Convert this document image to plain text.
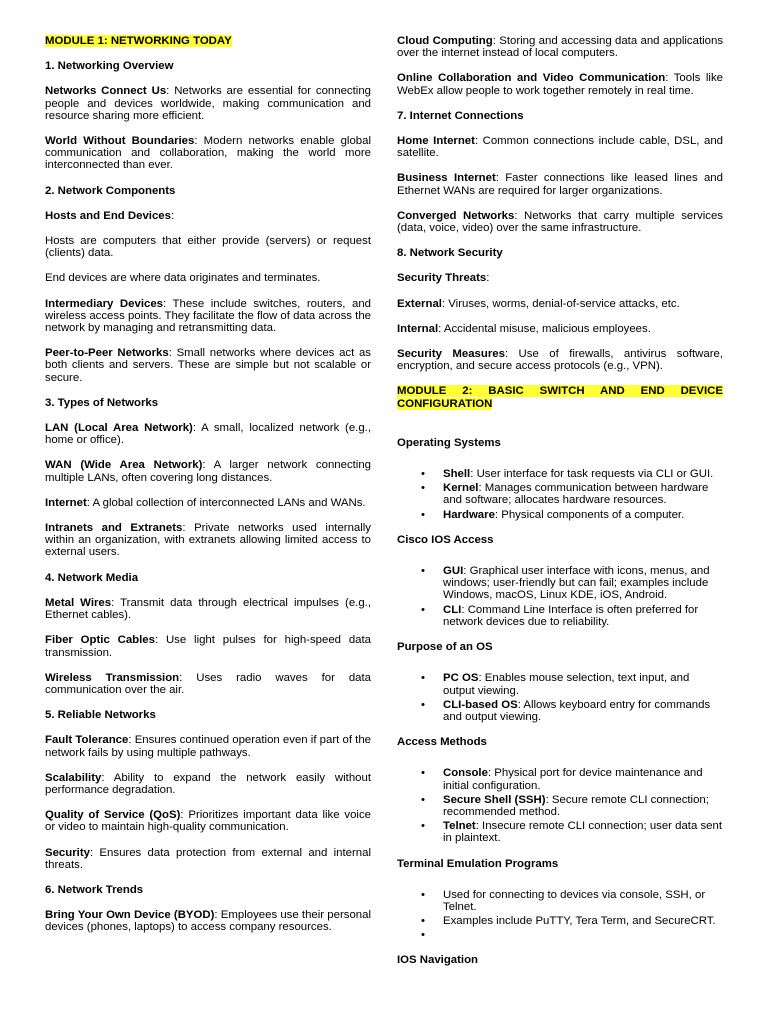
MODULE 1: NETWORKING TODAY

1. Networking Overview

Networks Connect Us: Networks are essential for connecting people and devices worldwide, making communication and resource sharing more efficient.

World Without Boundaries: Modern networks enable global communication and collaboration, making the world more interconnected than ever.

2. Network Components

Hosts and End Devices:

Hosts are computers that either provide (servers) or request (clients) data.

End devices are where data originates and terminates.

Intermediary Devices: These include switches, routers, and wireless access points. They facilitate the flow of data across the network by managing and retransmitting data.

Peer-to-Peer Networks: Small networks where devices act as both clients and servers. These are simple but not scalable or secure.

3. Types of Networks

LAN (Local Area Network): A small, localized network (e.g., home or office).

WAN (Wide Area Network): A larger network connecting multiple LANs, often covering long distances.

Internet: A global collection of interconnected LANs and WANs.

Intranets and Extranets: Private networks used internally within an organization, with extranets allowing limited access to external users.

4. Network Media

Metal Wires: Transmit data through electrical impulses (e.g., Ethernet cables).

Fiber Optic Cables: Use light pulses for high-speed data transmission.

Wireless Transmission: Uses radio waves for data communication over the air.

5. Reliable Networks

Fault Tolerance: Ensures continued operation even if part of the network fails by using multiple pathways.

Scalability: Ability to expand the network easily without performance degradation.

Quality of Service (QoS): Prioritizes important data like voice or video to maintain high-quality communication.

Security: Ensures data protection from external and internal threats.

6. Network Trends

Bring Your Own Device (BYOD): Employees use their personal devices (phones, laptops) to access company resources.

Cloud Computing: Storing and accessing data and applications over the internet instead of local computers.

Online Collaboration and Video Communication: Tools like WebEx allow people to work together remotely in real time.

7. Internet Connections

Home Internet: Common connections include cable, DSL, and satellite.

Business Internet: Faster connections like leased lines and Ethernet WANs are required for larger organizations.

Converged Networks: Networks that carry multiple services (data, voice, video) over the same infrastructure.

8. Network Security

Security Threats:

External: Viruses, worms, denial-of-service attacks, etc.

Internal: Accidental misuse, malicious employees.

Security Measures: Use of firewalls, antivirus software, encryption, and secure access protocols (e.g., VPN).

MODULE 2: BASIC SWITCH AND END DEVICE CONFIGURATION

Operating Systems
• Shell: User interface for task requests via CLI or GUI.
• Kernel: Manages communication between hardware and software; allocates hardware resources.
• Hardware: Physical components of a computer.
Cisco IOS Access
• GUI: Graphical user interface with icons, menus, and windows; user-friendly but can fail; examples include Windows, macOS, Linux KDE, iOS, Android.
• CLI: Command Line Interface is often preferred for network devices due to reliability.
Purpose of an OS
• PC OS: Enables mouse selection, text input, and output viewing.
• CLI-based OS: Allows keyboard entry for commands and output viewing.
Access Methods
• Console: Physical port for device maintenance and initial configuration.
• Secure Shell (SSH): Secure remote CLI connection; recommended method.
• Telnet: Insecure remote CLI connection; user data sent in plaintext.
Terminal Emulation Programs
• Used for connecting to devices via console, SSH, or Telnet.
• Examples include PuTTY, Tera Term, and SecureCRT.
•
IOS Navigation
